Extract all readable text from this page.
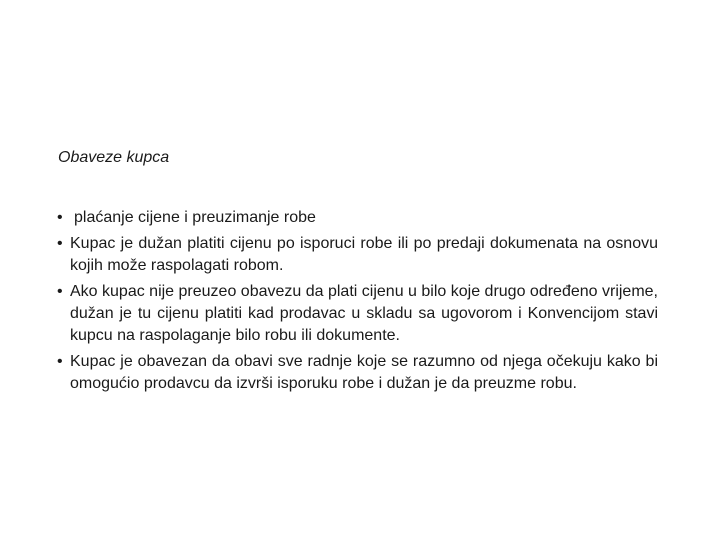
Obaveze kupca
• plaćanje cijene i preuzimanje robe
• Kupac je dužan platiti cijenu po isporuci robe ili po predaji dokumenata na osnovu kojih može raspolagati robom.
• Ako kupac nije preuzeo obavezu da plati cijenu u bilo koje drugo određeno vrijeme, dužan je tu cijenu platiti kad prodavac u skladu sa ugovorom i Konvencijom stavi kupcu na raspolaganje bilo robu ili dokumente.
• Kupac je obavezan da obavi sve radnje koje se razumno od njega očekuju kako bi omogućio prodavcu da izvrši isporuku robe i dužan je da preuzme robu.
